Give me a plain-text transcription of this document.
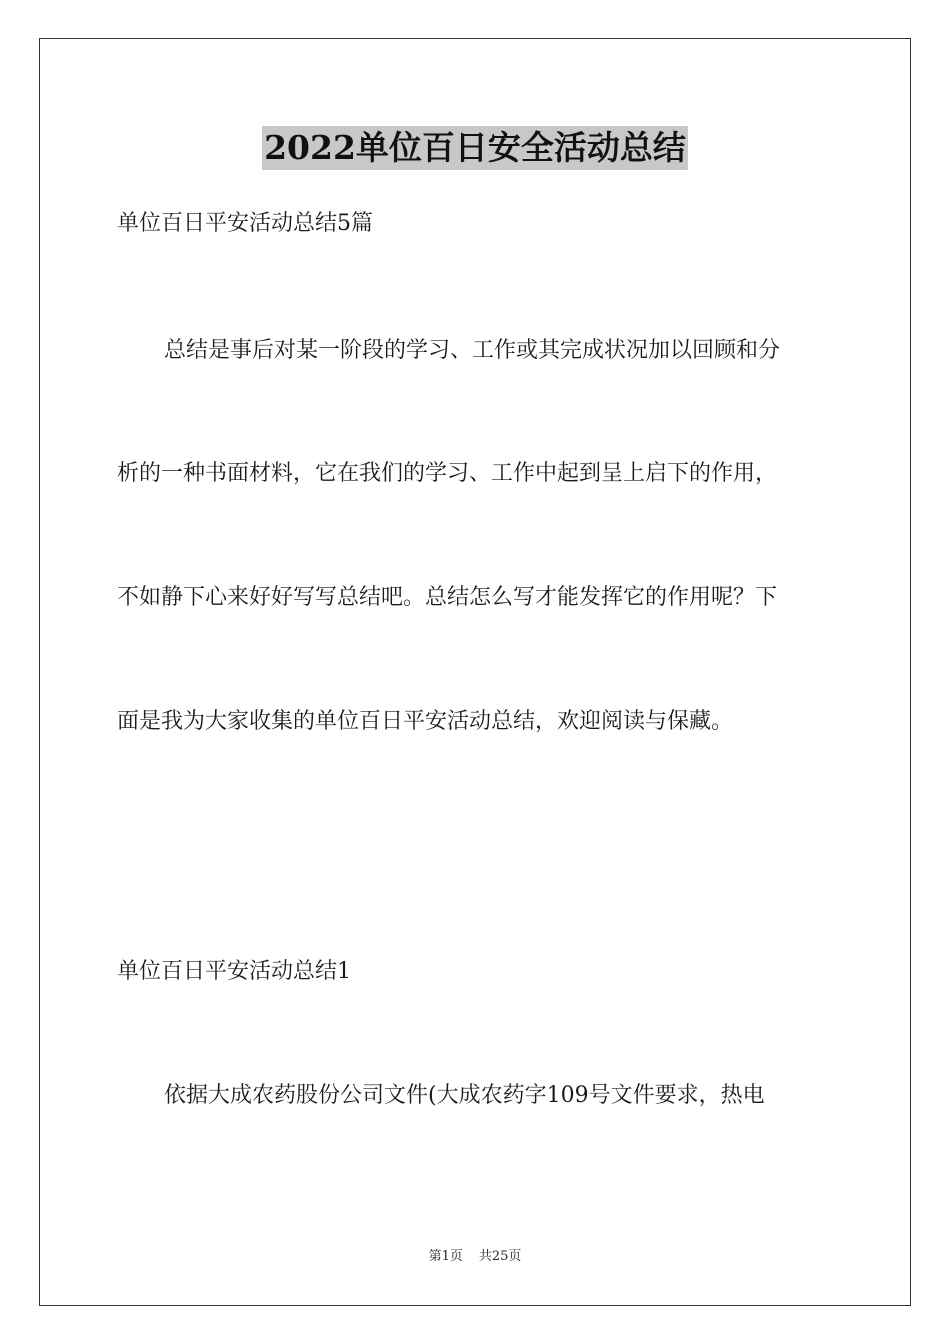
2022单位百日安全活动总结
单位百日平安活动总结5篇
总结是事后对某一阶段的学习、工作或其完成状况加以回顾和分
析的一种书面材料，它在我们的学习、工作中起到呈上启下的作用，
不如静下心来好好写写总结吧。总结怎么写才能发挥它的作用呢？下
面是我为大家收集的单位百日平安活动总结，欢迎阅读与保藏。
单位百日平安活动总结1
依据大成农药股份公司文件(大成农药字109号文件要求，热电
第1页 共25页
